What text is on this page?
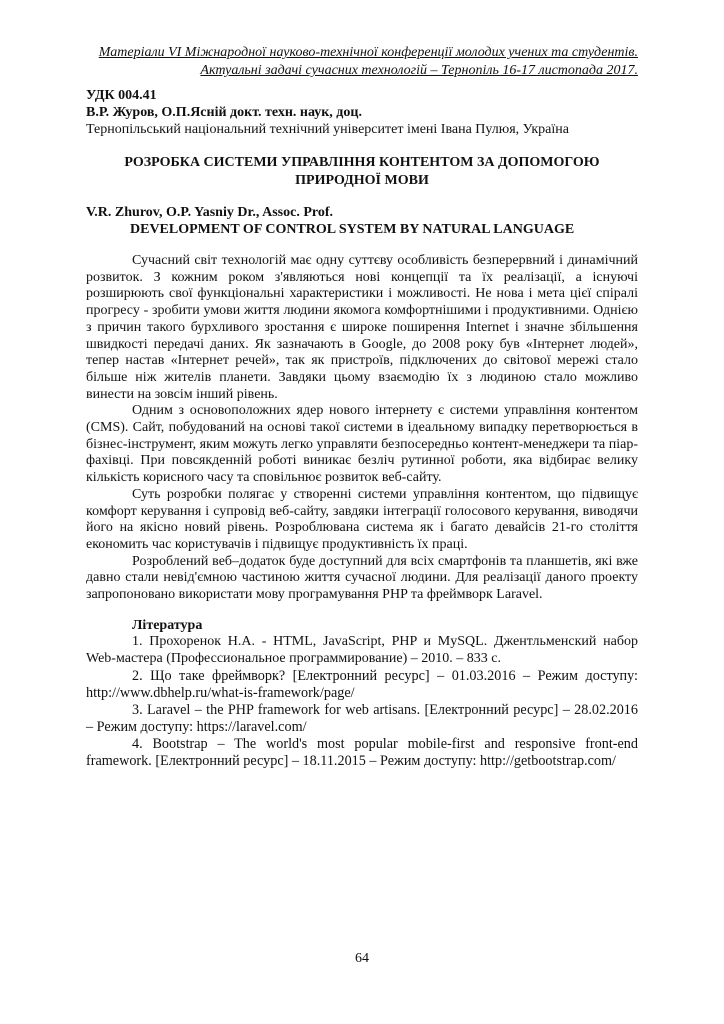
Матеріали VІ Міжнародної науково-технічної конференції молодих учених та студентів.
Актуальні задачі сучасних технологій – Тернопіль 16-17 листопада 2017.
УДК 004.41
В.Р. Журов, О.П.Ясній докт. техн. наук, доц.
Тернопільський національний технічний університет імені Івана Пулюя, Україна
РОЗРОБКА СИСТЕМИ УПРАВЛІННЯ КОНТЕНТОМ ЗА ДОПОМОГОЮ ПРИРОДНОЇ МОВИ
V.R. Zhurov, O.P. Yasniy Dr., Assoc. Prof.
DEVELOPMENT OF CONTROL SYSTEM BY NATURAL LANGUAGE

Сучасний світ технологій має одну суттєву особливість безперервний і динамічний розвиток. З кожним роком з'являються нові концепції та їх реалізації, а існуючі розширюють свої функціональні характеристики і можливості. Не нова і мета цієї спіралі прогресу - зробити умови життя людини якомога комфортнішими і продуктивними. Однією з причин такого бурхливого зростання є широке поширення Internet і значне збільшення швидкості передачі даних. Як зазначають в Google, до 2008 року був «Інтернет людей», тепер настав «Інтернет речей», так як пристроїв, підключених до світової мережі стало більше ніж жителів планети. Завдяки цьому взаємодію їх з людиною стало можливо винести на зовсім інший рівень.

Одним з основоположних ядер нового інтернету є системи управління контентом (CMS). Сайт, побудований на основі такої системи в ідеальному випадку перетворюється в бізнес-інструмент, яким можуть легко управляти безпосередньо контент-менеджери та піар-фахівці. При повсякденній роботі виникає безліч рутинної роботи, яка відбирає велику кількість корисного часу та сповільнює розвиток веб-сайту.

Суть розробки полягає у створенні системи управління контентом, що підвищує комфорт керування і супровід веб-сайту, завдяки інтеграції голосового керування, виводячи його на якісно новий рівень. Розроблювана система як і багато девайсів 21-го століття економить час користувачів і підвищує продуктивність їх праці.

Розроблений веб–додаток буде доступний для всіх смартфонів та планшетів, які вже давно стали невід'ємною частиною життя сучасної людини. Для реалізації даного проекту запропоновано використати мову програмування PHP та фреймворк Laravel.

Література

1. Прохоренок Н.А. - HTML, JavaScript, PHP и MySQL. Джентльменский набор Web-мастера (Профессиональное программирование) – 2010. – 833 с.

2. Що таке фреймворк? [Електронний ресурс] – 01.03.2016 – Режим доступу: http://www.dbhelp.ru/what-is-framework/page/

3. Laravel – the PHP framework for web artisans. [Електронний ресурс] – 28.02.2016 – Режим доступу: https://laravel.com/

4. Bootstrap – The world's most popular mobile-first and responsive front-end framework. [Електронний ресурс] – 18.11.2015 – Режим доступу: http://getbootstrap.com/

64
